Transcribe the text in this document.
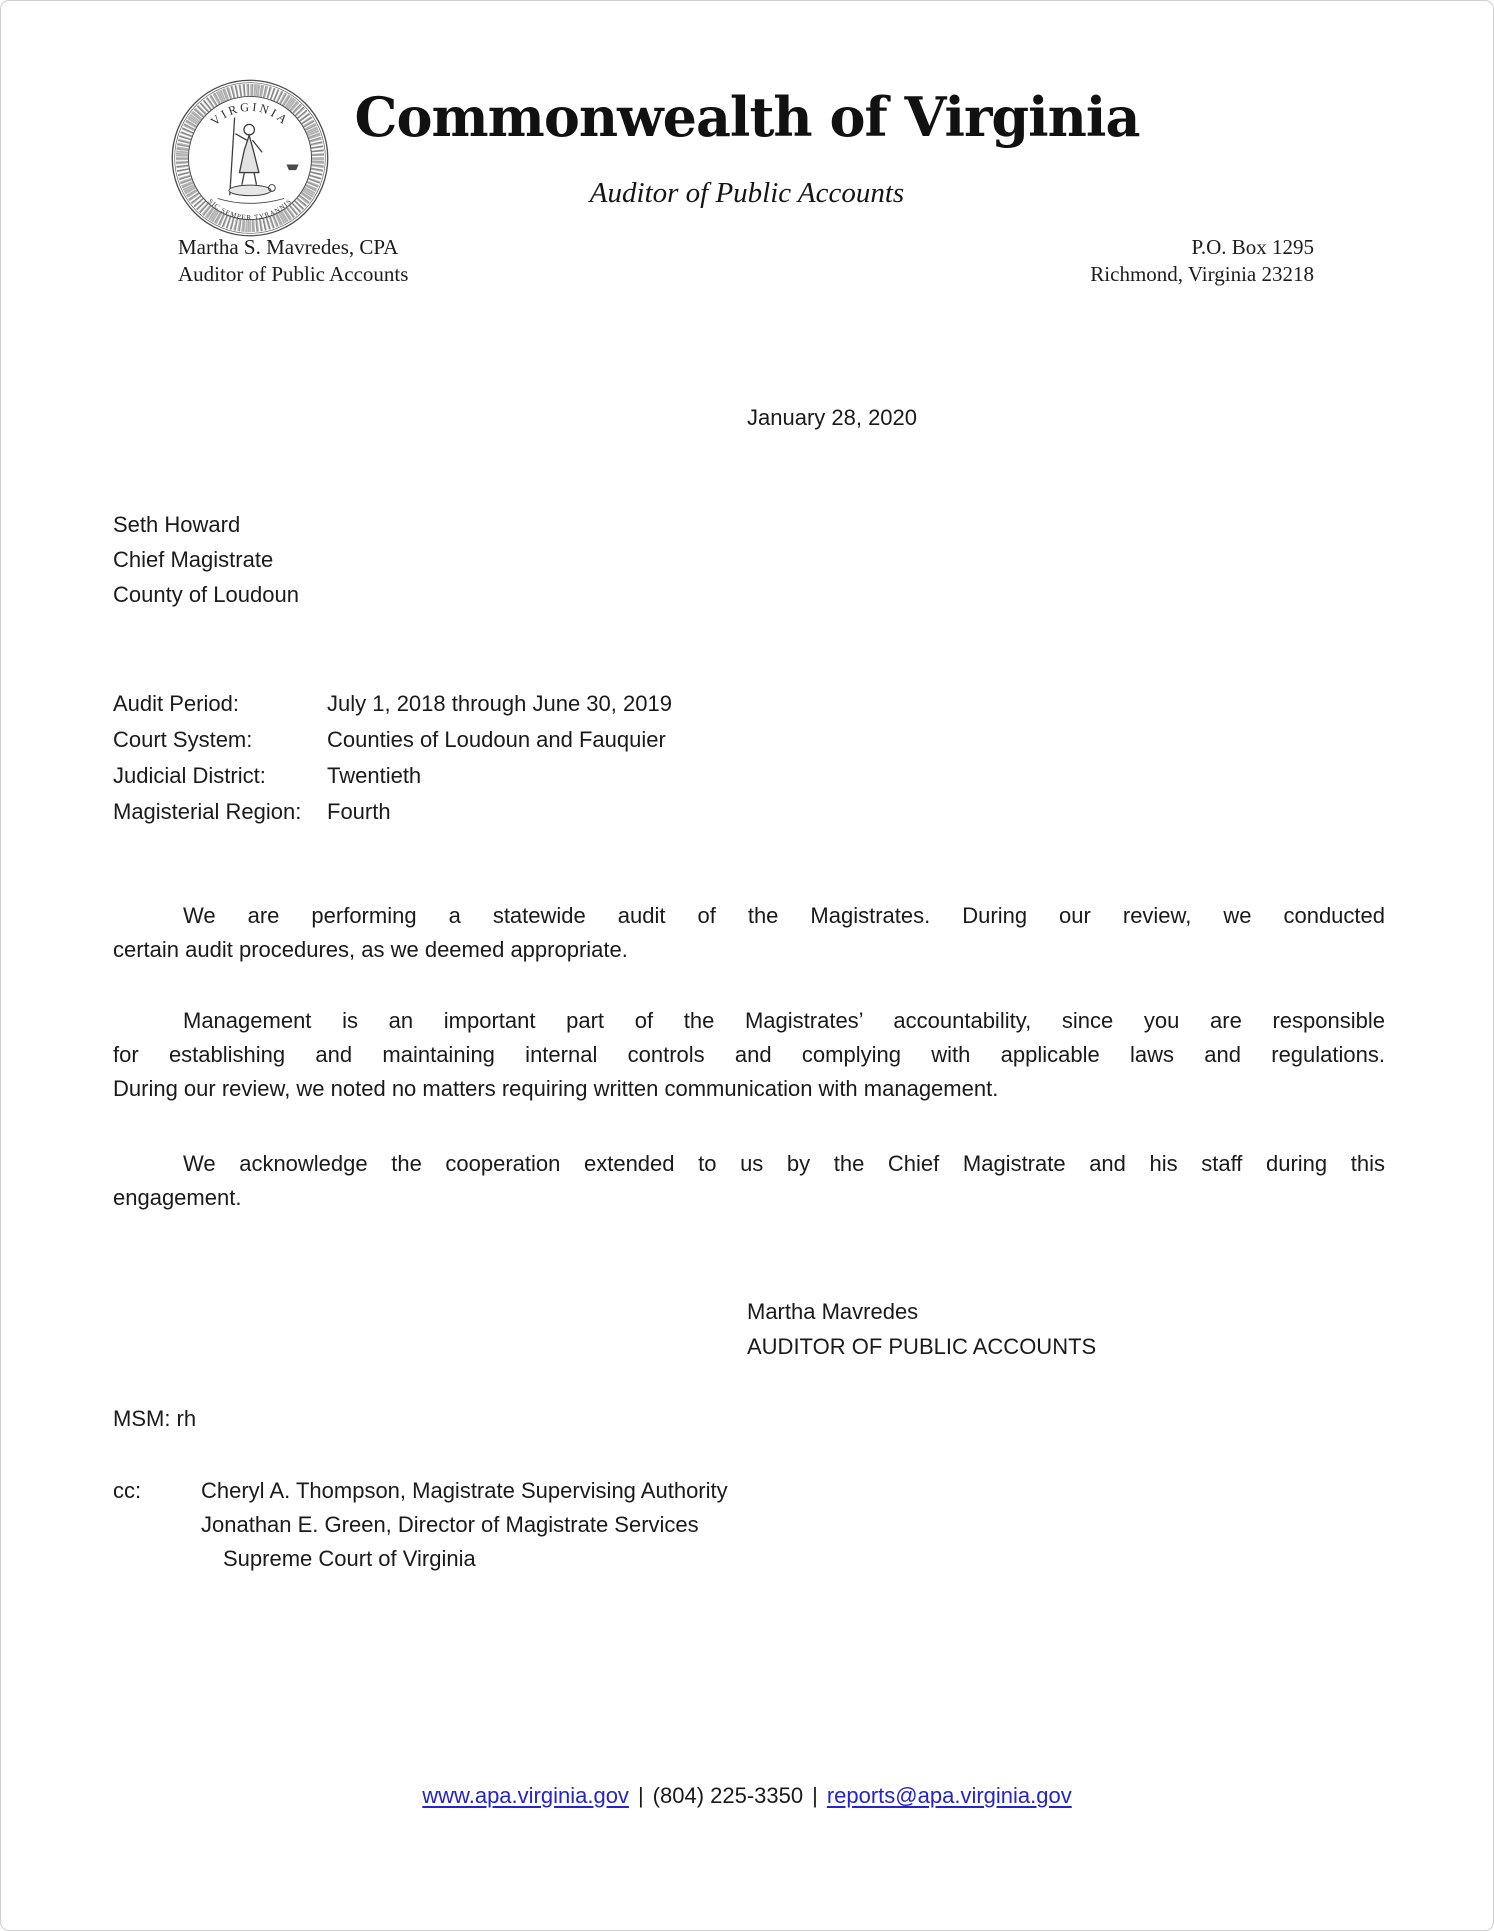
VIRGINIA
SIC SEMPER TYRANNIS
Commonwealth of Virginia
Auditor of Public Accounts
Martha S. Mavredes, CPA
Auditor of Public Accounts
P.O. Box 1295
Richmond, Virginia 23218
January 28, 2020
Seth Howard
Chief Magistrate
County of Loudoun
Audit Period:	July 1, 2018 through June 30, 2019
Court System:	Counties of Loudoun and Fauquier
Judicial District:	Twentieth
Magisterial Region:	Fourth
We are performing a statewide audit of the Magistrates. During our review, we conducted
certain audit procedures, as we deemed appropriate.
Management is an important part of the Magistrates’ accountability, since you are responsible
for establishing and maintaining internal controls and complying with applicable laws and regulations.
During our review, we noted no matters requiring written communication with management.
We acknowledge the cooperation extended to us by the Chief Magistrate and his staff during this
engagement.
Martha Mavredes
AUDITOR OF PUBLIC ACCOUNTS
MSM: rh
cc:	Cheryl A. Thompson, Magistrate Supervising Authority
Jonathan E. Green, Director of Magistrate Services
Supreme Court of Virginia
www.apa.virginia.gov | (804) 225-3350 | reports@apa.virginia.gov
